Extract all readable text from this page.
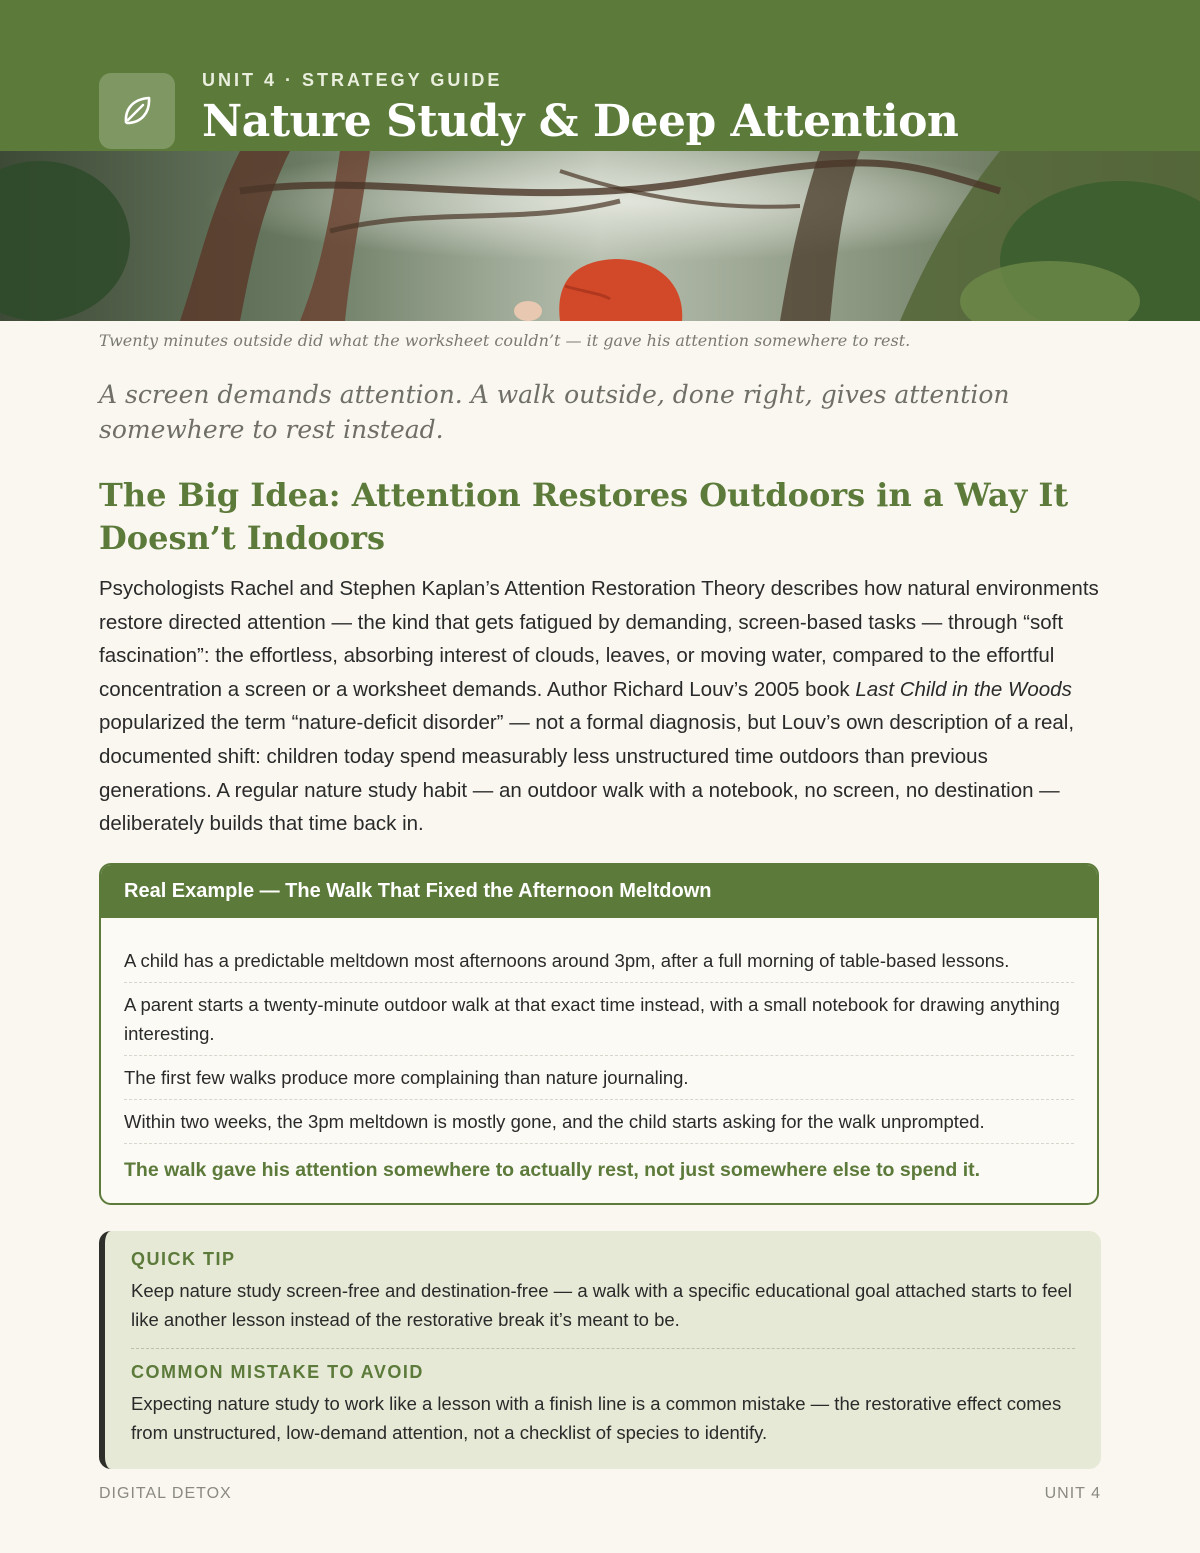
UNIT 4 · STRATEGY GUIDE
Nature Study & Deep Attention
Twenty minutes outside did what the worksheet couldn’t — it gave his attention somewhere to rest.
A screen demands attention. A walk outside, done right, gives attention somewhere to rest instead.
The Big Idea: Attention Restores Outdoors in a Way It Doesn’t Indoors
Psychologists Rachel and Stephen Kaplan’s Attention Restoration Theory describes how natural environments restore directed attention — the kind that gets fatigued by demanding, screen-based tasks — through “soft fascination”: the effortless, absorbing interest of clouds, leaves, or moving water, compared to the effortful concentration a screen or a worksheet demands. Author Richard Louv’s 2005 book Last Child in the Woods popularized the term “nature-deficit disorder” — not a formal diagnosis, but Louv’s own description of a real, documented shift: children today spend measurably less unstructured time outdoors than previous generations. A regular nature study habit — an outdoor walk with a notebook, no screen, no destination — deliberately builds that time back in.
Real Example — The Walk That Fixed the Afternoon Meltdown
A child has a predictable meltdown most afternoons around 3pm, after a full morning of table-based lessons.
A parent starts a twenty-minute outdoor walk at that exact time instead, with a small notebook for drawing anything interesting.
The first few walks produce more complaining than nature journaling.
Within two weeks, the 3pm meltdown is mostly gone, and the child starts asking for the walk unprompted.
The walk gave his attention somewhere to actually rest, not just somewhere else to spend it.
QUICK TIP
Keep nature study screen-free and destination-free — a walk with a specific educational goal attached starts to feel like another lesson instead of the restorative break it’s meant to be.
COMMON MISTAKE TO AVOID
Expecting nature study to work like a lesson with a finish line is a common mistake — the restorative effect comes from unstructured, low-demand attention, not a checklist of species to identify.
DIGITAL DETOX	UNIT 4
